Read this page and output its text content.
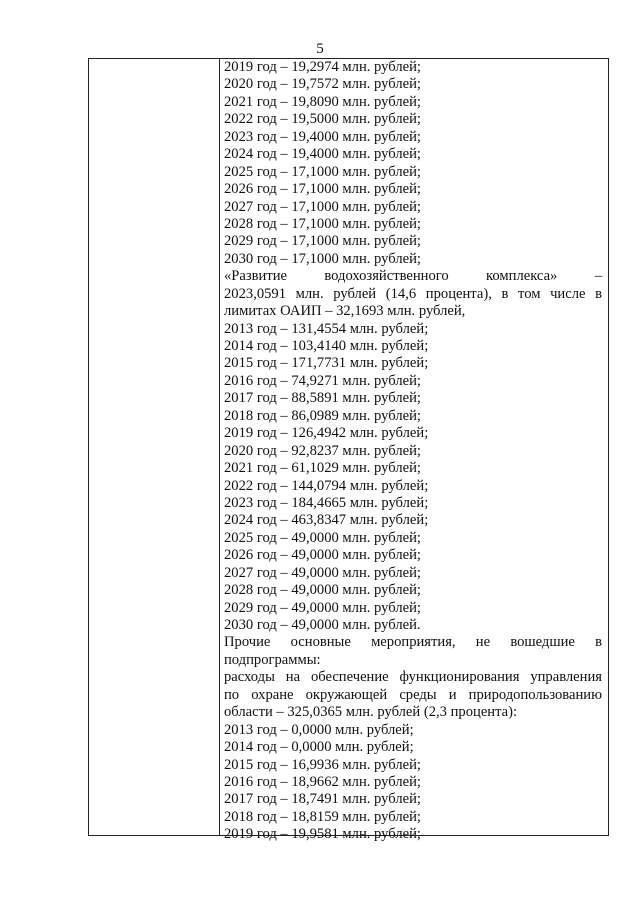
5
2019 год – 19,2974 млн. рублей;
2020 год – 19,7572 млн. рублей;
2021 год – 19,8090 млн. рублей;
2022 год – 19,5000 млн. рублей;
2023 год – 19,4000 млн. рублей;
2024 год – 19,4000 млн. рублей;
2025 год – 17,1000 млн. рублей;
2026 год – 17,1000 млн. рублей;
2027 год – 17,1000 млн. рублей;
2028 год – 17,1000 млн. рублей;
2029 год – 17,1000 млн. рублей;
2030 год – 17,1000 млн. рублей;
«Развитие водохозяйственного комплекса» –
2023,0591 млн. рублей (14,6 процента), в том числе в
лимитах ОАИП – 32,1693 млн. рублей,
2013 год – 131,4554 млн. рублей;
2014 год – 103,4140 млн. рублей;
2015 год – 171,7731 млн. рублей;
2016 год – 74,9271 млн. рублей;
2017 год – 88,5891 млн. рублей;
2018 год – 86,0989 млн. рублей;
2019 год – 126,4942 млн. рублей;
2020 год – 92,8237 млн. рублей;
2021 год – 61,1029 млн. рублей;
2022 год – 144,0794 млн. рублей;
2023 год – 184,4665 млн. рублей;
2024 год – 463,8347 млн. рублей;
2025 год – 49,0000 млн. рублей;
2026 год – 49,0000 млн. рублей;
2027 год – 49,0000 млн. рублей;
2028 год – 49,0000 млн. рублей;
2029 год – 49,0000 млн. рублей;
2030 год – 49,0000 млн. рублей.
Прочие основные мероприятия, не вошедшие в
подпрограммы:
расходы на обеспечение функционирования управления
по охране окружающей среды и природопользованию
области – 325,0365 млн. рублей (2,3 процента):
2013 год – 0,0000 млн. рублей;
2014 год – 0,0000 млн. рублей;
2015 год – 16,9936 млн. рублей;
2016 год – 18,9662 млн. рублей;
2017 год – 18,7491 млн. рублей;
2018 год – 18,8159 млн. рублей;
2019 год – 19,9581 млн. рублей;
